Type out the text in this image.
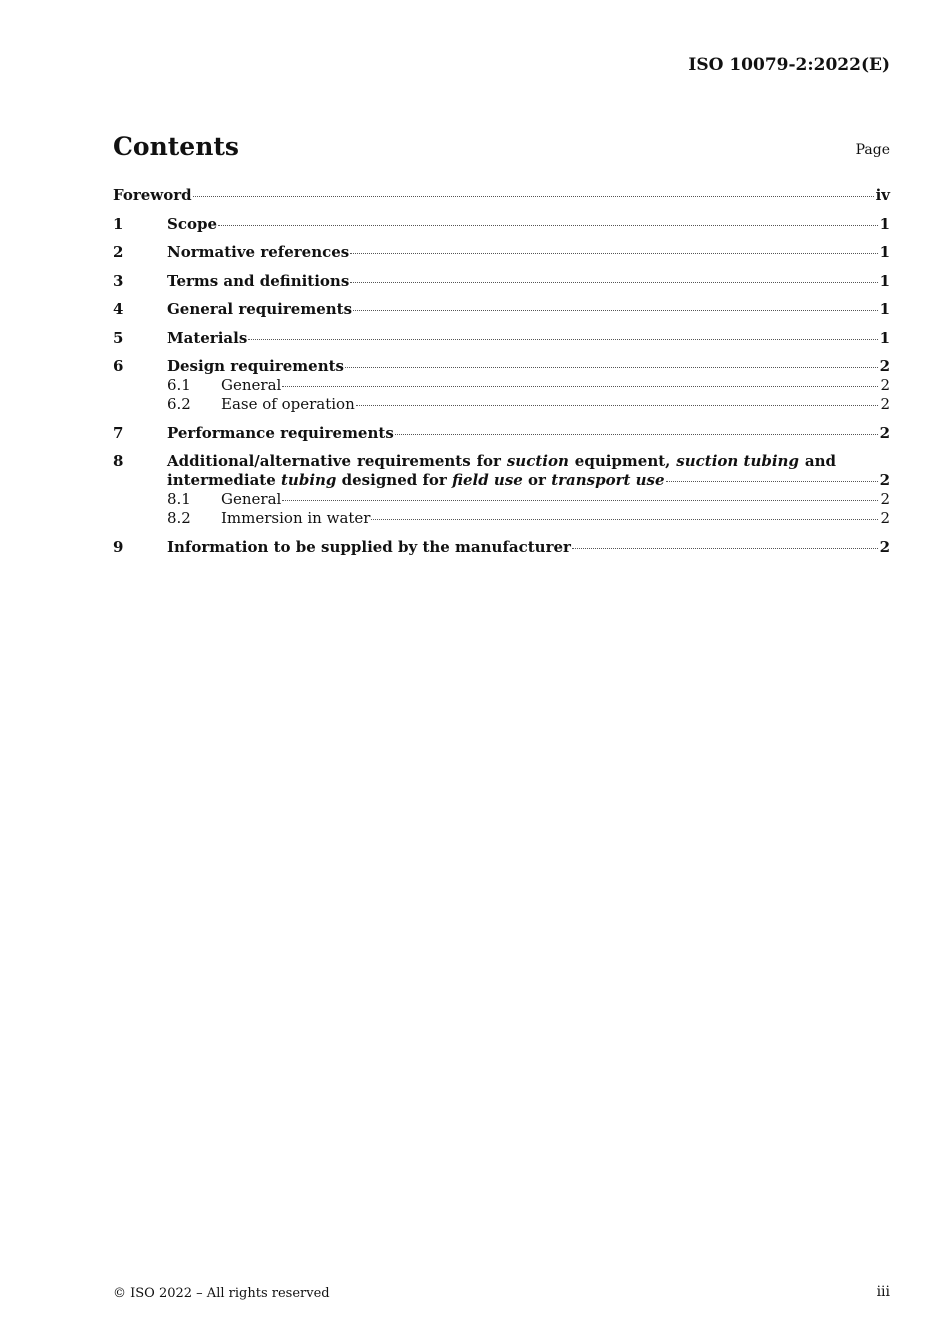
ISO 10079-2:2022(E)
Contents	Page
Foreword	iv
1	Scope	1
2	Normative references	1
3	Terms and definitions	1
4	General requirements	1
5	Materials	1
6	Design requirements	2
6.1	General	2
6.2	Ease of operation	2
7	Performance requirements	2
8	Additional/alternative requirements for suction equipment, suction tubing and
intermediate tubing designed for field use or transport use	2
8.1	General	2
8.2	Immersion in water	2
9	Information to be supplied by the manufacturer	2
© ISO 2022 – All rights reserved	iii
